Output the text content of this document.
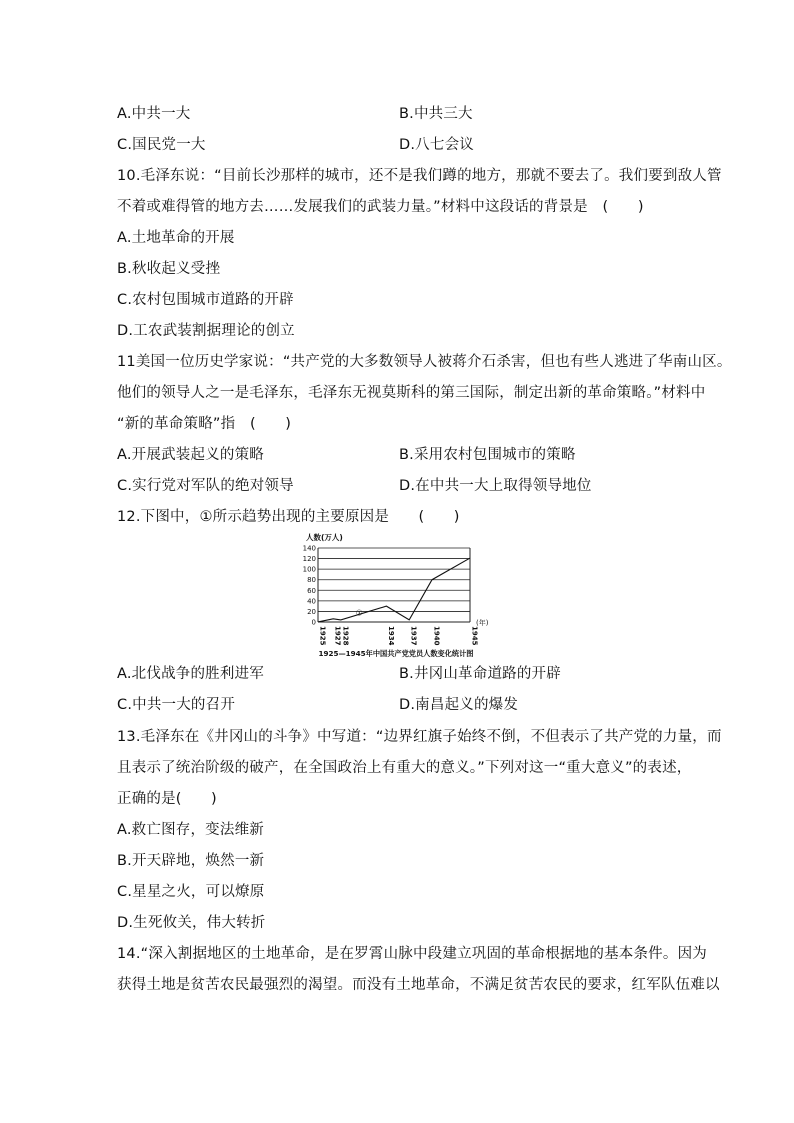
A.中共一大	B.中共三大
C.国民党一大	D.八七会议
10.毛泽东说：“目前长沙那样的城市，还不是我们蹲的地方，那就不要去了。我们要到敌人管
不着或难得管的地方去……发展我们的武装力量。”材料中这段话的背景是　(　　)
A.土地革命的开展
B.秋收起义受挫
C.农村包围城市道路的开辟
D.工农武装割据理论的创立
11美国一位历史学家说：“共产党的大多数领导人被蒋介石杀害，但也有些人逃进了华南山区。
他们的领导人之一是毛泽东，毛泽东无视莫斯科的第三国际，制定出新的革命策略。”材料中
“新的革命策略”指　(　　)
A.开展武装起义的策略	B.采用农村包围城市的策略
C.实行党对军队的绝对领导	D.在中共一大上取得领导地位
12.下图中，①所示趋势出现的主要原因是　　(　　)
0
20
40
60
80
100
120
140
人数(万人)
(年)
1925 1927 1928	1934 1937 1940	1945
①
1925—1945年中国共产党党员人数变化统计图
A.北伐战争的胜利进军	B.井冈山革命道路的开辟
C.中共一大的召开	D.南昌起义的爆发
13.毛泽东在《井冈山的斗争》中写道：“边界红旗子始终不倒，不但表示了共产党的力量，而
且表示了统治阶级的破产，在全国政治上有重大的意义。”下列对这一“重大意义”的表述，
正确的是(　　)
A.救亡图存，变法维新
B.开天辟地，焕然一新
C.星星之火，可以燎原
D.生死攸关，伟大转折
14.“深入割据地区的土地革命，是在罗霄山脉中段建立巩固的革命根据地的基本条件。因为
获得土地是贫苦农民最强烈的渴望。而没有土地革命，不满足贫苦农民的要求，红军队伍难以
